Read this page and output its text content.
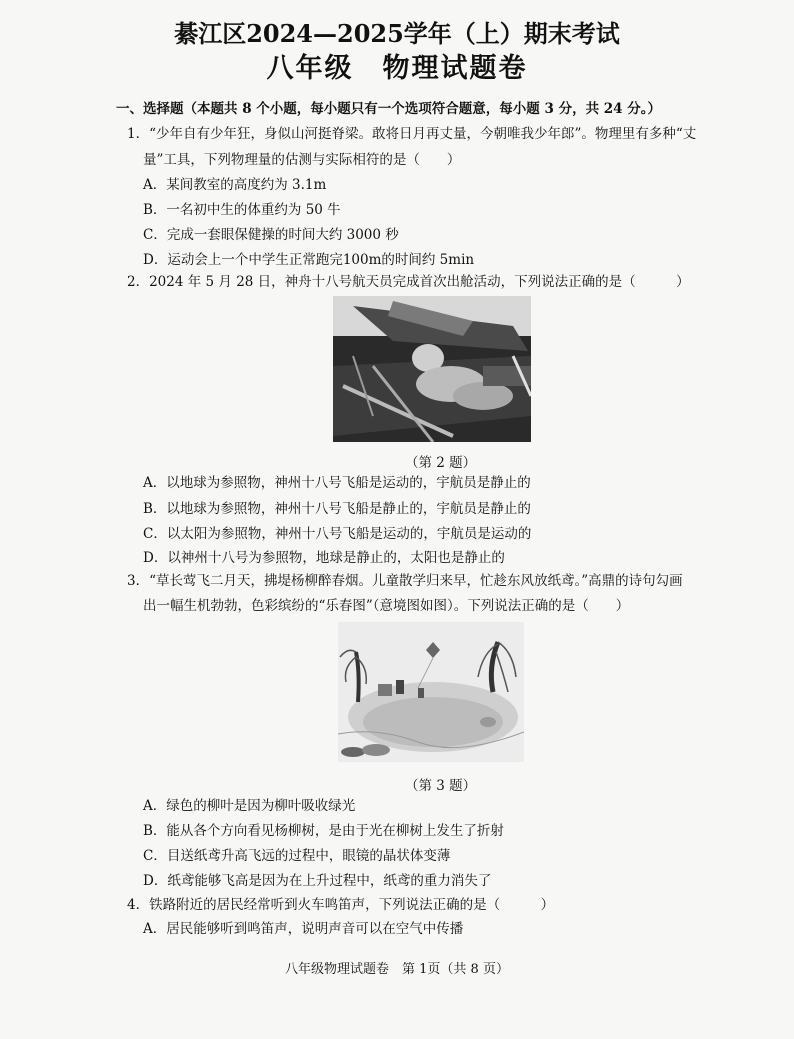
綦江区2024—2025学年（上）期末考试
八年级　物理试题卷
一、选择题（本题共 8 个小题，每小题只有一个选项符合题意，每小题 3 分，共 24 分。）
1．“少年自有少年狂，身似山河挺脊梁。敢将日月再丈量，今朝唯我少年郎”。物理里有多种“丈
量”工具，下列物理量的估测与实际相符的是（　　）
A．某间教室的高度约为 3.1m
B．一名初中生的体重约为 50 牛
C．完成一套眼保健操的时间大约 3000 秒
D．运动会上一个中学生正常跑完100m的时间约 5min
2．2024 年 5 月 28 日，神舟十八号航天员完成首次出舱活动，下列说法正确的是（　　　）
（第 2 题）
A．以地球为参照物，神州十八号飞船是运动的，宇航员是静止的
B．以地球为参照物，神州十八号飞船是静止的，宇航员是静止的
C．以太阳为参照物，神州十八号飞船是运动的，宇航员是运动的
D．以神州十八号为参照物，地球是静止的，太阳也是静止的
3．“草长莺飞二月天，拂堤杨柳醉春烟。儿童散学归来早，忙趁东风放纸鸢。”高鼎的诗句勾画
出一幅生机勃勃，色彩缤纷的“乐春图”（意境图如图）。下列说法正确的是（　　）
（第 3 题）
A．绿色的柳叶是因为柳叶吸收绿光
B．能从各个方向看见杨柳树，是由于光在柳树上发生了折射
C．目送纸鸢升高飞远的过程中，眼镜的晶状体变薄
D．纸鸢能够飞高是因为在上升过程中，纸鸢的重力消失了
4．铁路附近的居民经常听到火车鸣笛声，下列说法正确的是（　　　）
A．居民能够听到鸣笛声，说明声音可以在空气中传播
八年级物理试题卷　第 1页（共 8 页）
